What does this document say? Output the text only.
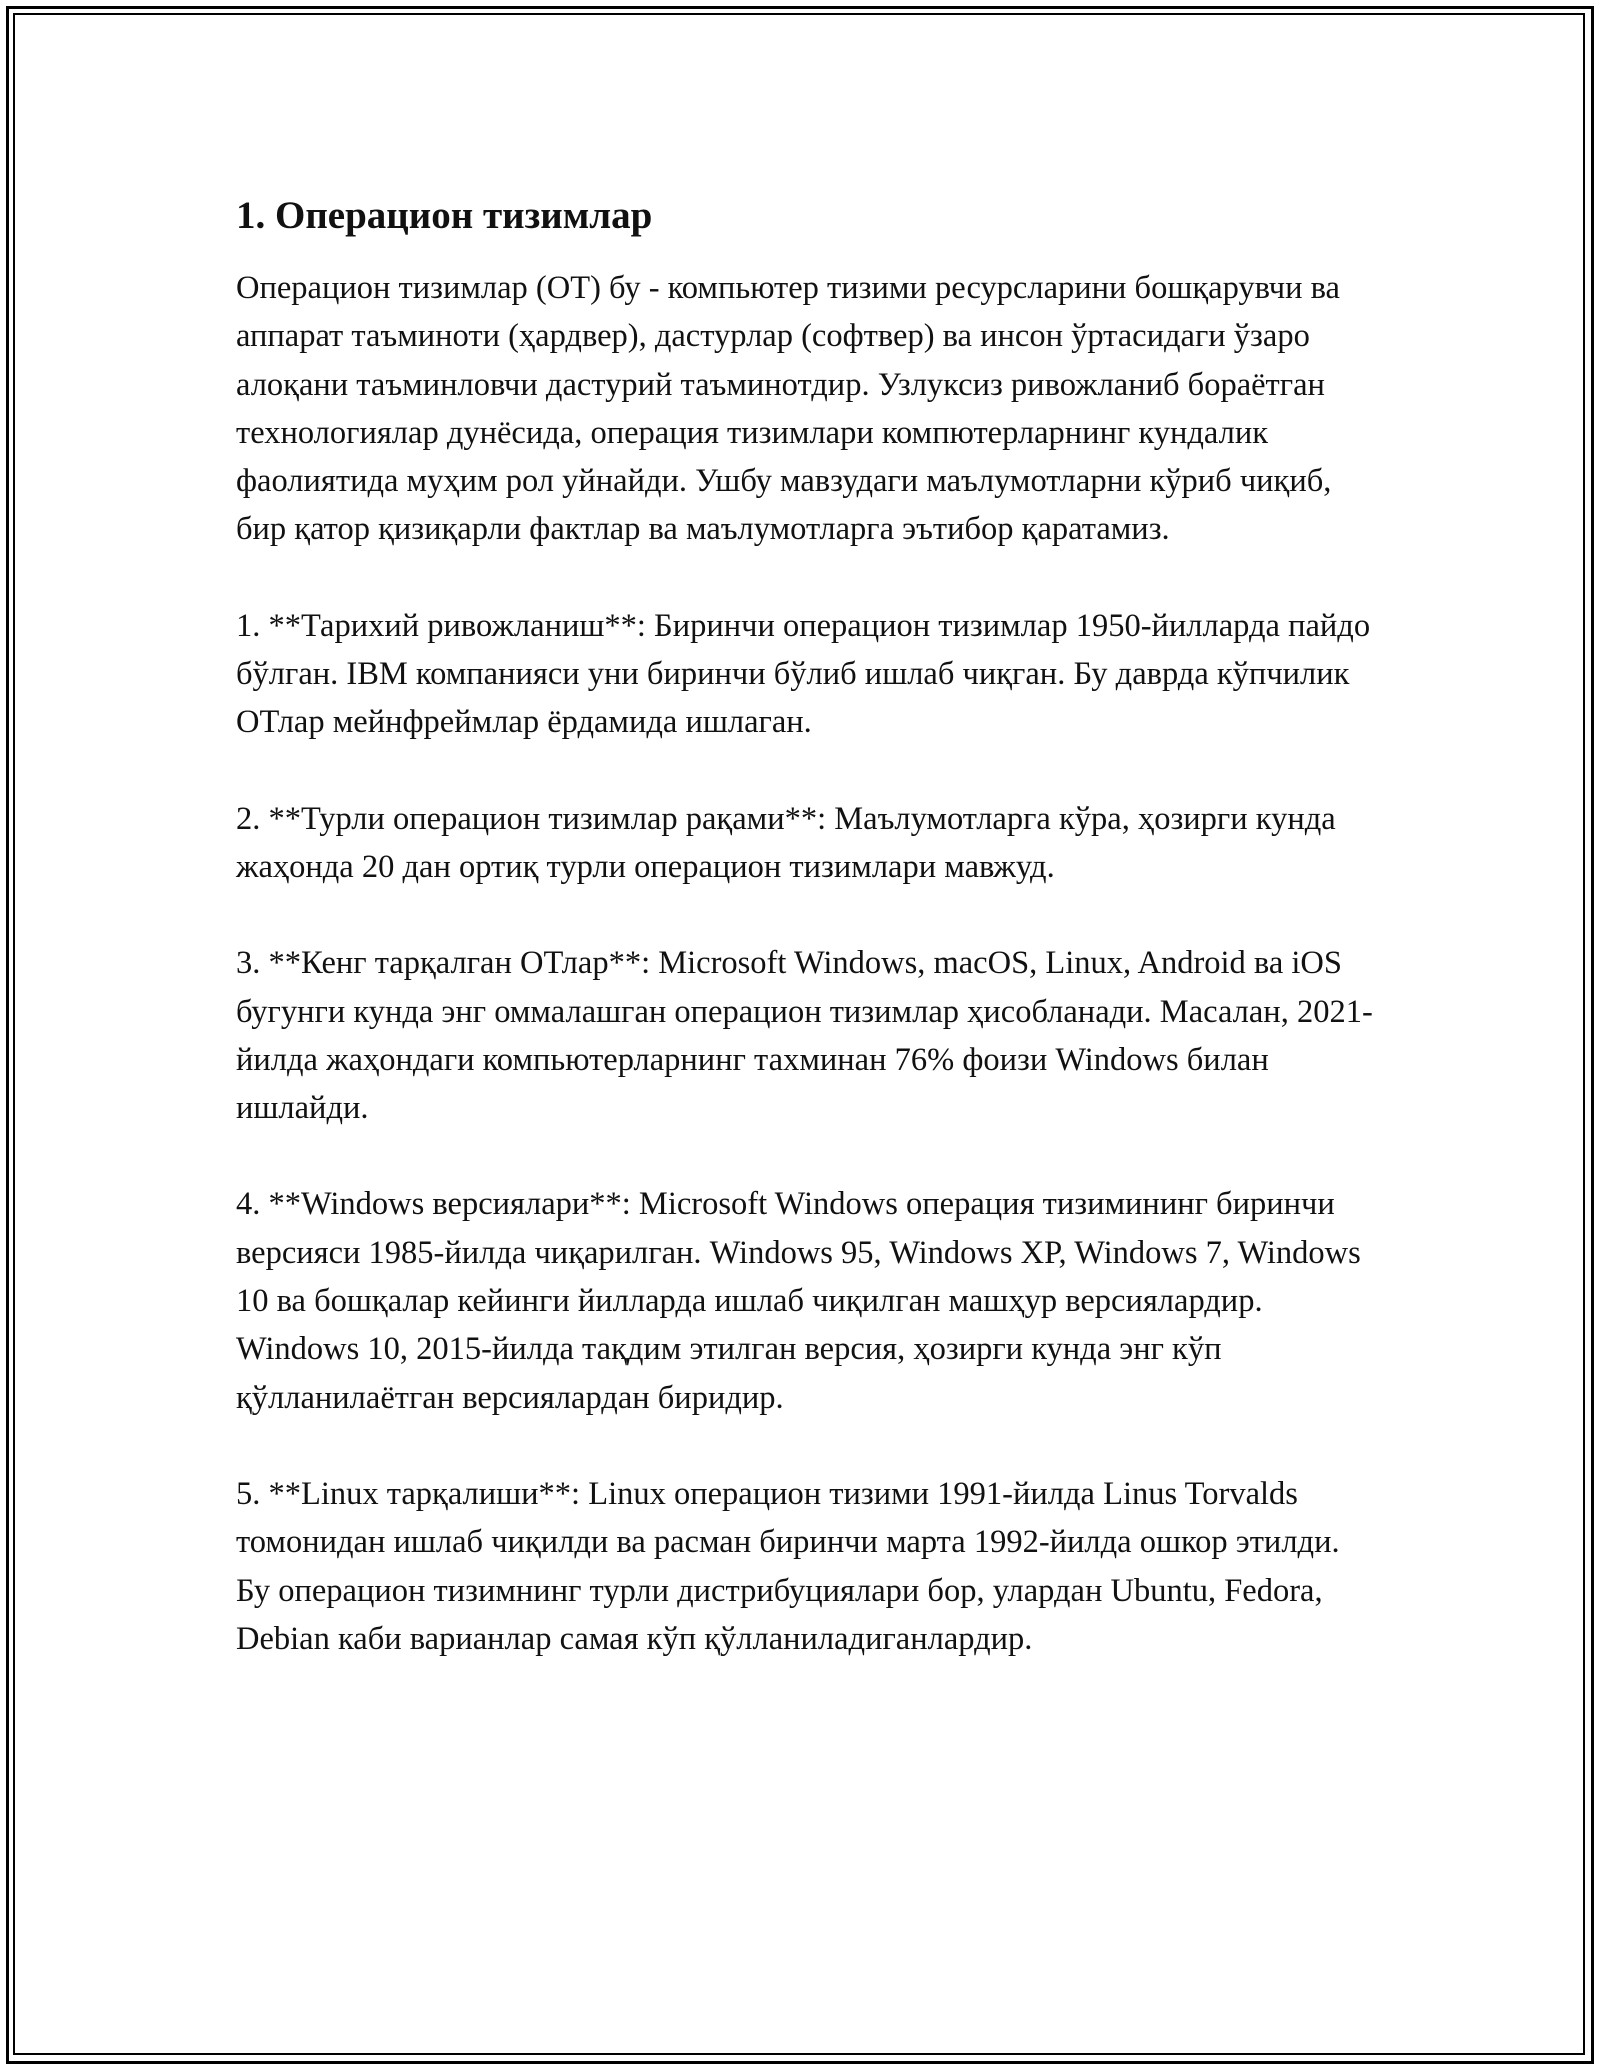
1. Операцион тизимлар

Операцион тизимлар (ОТ) бу - компьютер тизими ресурсларини бошқарувчи ва аппарат таъминоти (ҳардвер), дастурлар (софтвер) ва инсон ўртасидаги ўзаро алоқани таъминловчи дастурий таъминотдир. Узлуксиз ривожланиб бораётган технологиялар дунёсида, операция тизимлари компютерларнинг кундалик фаолиятида муҳим рол уйнайди. Ушбу мавзудаги маълумотларни кўриб чиқиб, бир қатор қизиқарли фактлар ва маълумотларга эътибор қаратамиз.

1. **Тарихий ривожланиш**: Биринчи операцион тизимлар 1950-йилларда пайдо бўлган. IBM компанияси уни биринчи бўлиб ишлаб чиқган. Бу даврда кўпчилик ОТлар мейнфреймлар ёрдамида ишлаган.

2. **Турли операцион тизимлар рақами**: Маълумотларга кўра, ҳозирги кунда жаҳонда 20 дан ортиқ турли операцион тизимлари мавжуд.

3. **Кенг тарқалган ОТлар**: Microsoft Windows, macOS, Linux, Android ва iOS бугунги кунда энг оммалашган операцион тизимлар ҳисобланади. Масалан, 2021-йилда жаҳондаги компьютерларнинг тахминан 76% фоизи Windows билан ишлайди.

4. **Windows версиялари**: Microsoft Windows операция тизимининг биринчи версияси 1985-йилда чиқарилган. Windows 95, Windows XP, Windows 7, Windows 10 ва бошқалар кейинги йилларда ишлаб чиқилган машҳур версиялардир. Windows 10, 2015-йилда тақдим этилган версия, ҳозирги кунда энг кўп қўлланилаётган версиялардан биридир.

5. **Linux тарқалиши**: Linux операцион тизими 1991-йилда Linus Torvalds томонидан ишлаб чиқилди ва расман биринчи марта 1992-йилда ошкор этилди. Бу операцион тизимнинг турли дистрибуциялари бор, улардан Ubuntu, Fedora, Debian каби варианлар самая кўп қўлланиладиганлардир.
